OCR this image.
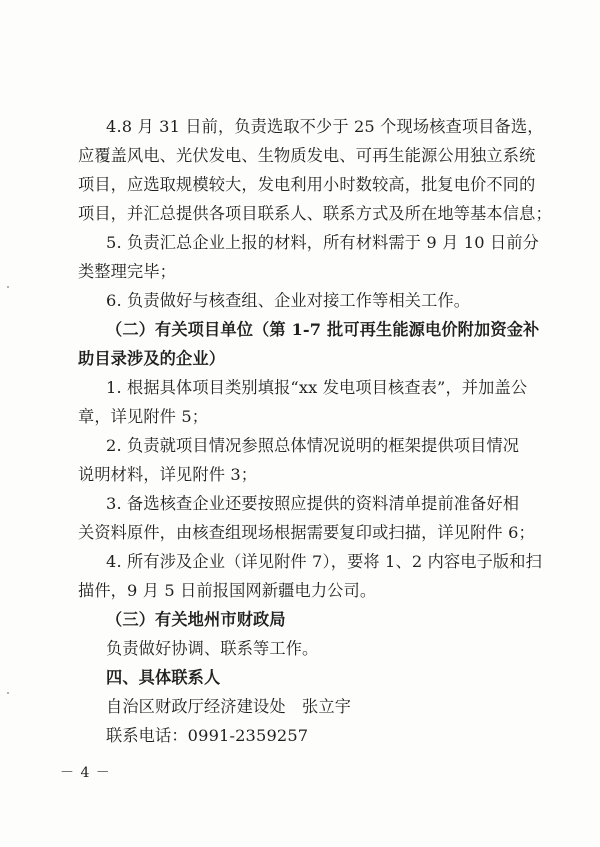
4.8 月 31 日前，负责选取不少于 25 个现场核查项目备选，
应覆盖风电、光伏发电、生物质发电、可再生能源公用独立系统
项目，应选取规模较大，发电利用小时数较高，批复电价不同的
项目，并汇总提供各项目联系人、联系方式及所在地等基本信息；
5. 负责汇总企业上报的材料，所有材料需于 9 月 10 日前分
类整理完毕；
6. 负责做好与核查组、企业对接工作等相关工作。
（二）有关项目单位（第 1-7 批可再生能源电价附加资金补
助目录涉及的企业）
1. 根据具体项目类别填报“xx 发电项目核查表”，并加盖公
章，详见附件 5；
2. 负责就项目情况参照总体情况说明的框架提供项目情况
说明材料，详见附件 3；
3. 备选核查企业还要按照应提供的资料清单提前准备好相
关资料原件，由核查组现场根据需要复印或扫描，详见附件 6；
4. 所有涉及企业（详见附件 7），要将 1、2 内容电子版和扫
描件，9 月 5 日前报国网新疆电力公司。
（三）有关地州市财政局
负责做好协调、联系等工作。
四、具体联系人
自治区财政厅经济建设处　张立宇
联系电话：0991-2359257
－ 4 －
